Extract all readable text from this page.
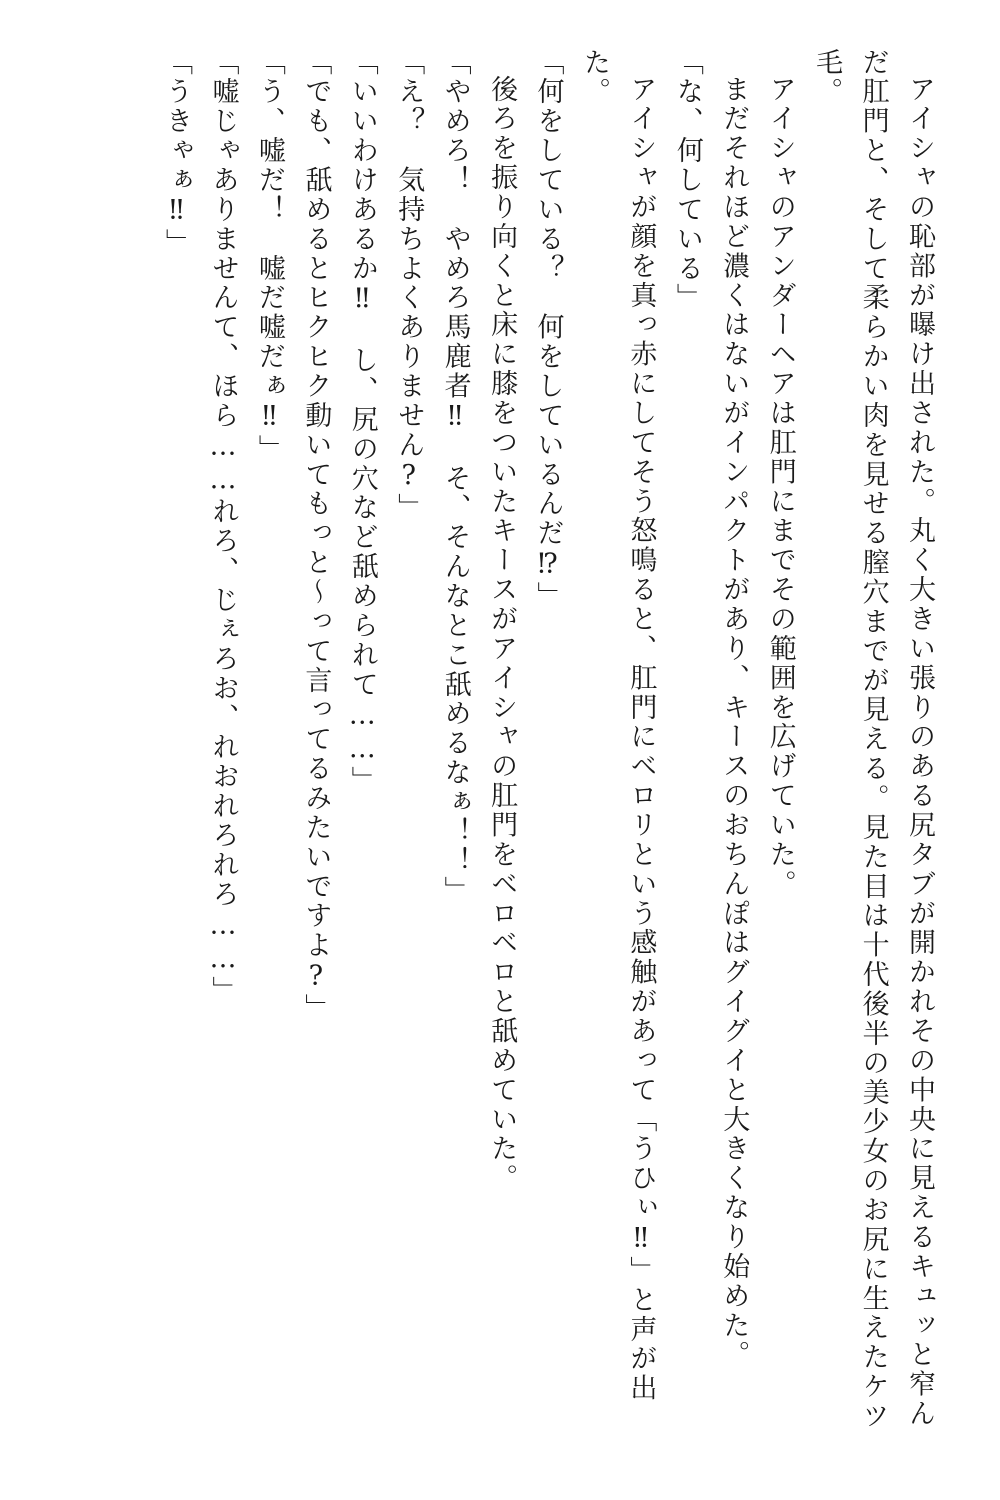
アイシャの恥部が曝け出された。丸く大きい張りのある尻タブが開かれその中央に見えるキュッと窄んだ肛門と、そして柔らかい肉を見せる膣穴までが見える。見た目は十代後半の美少女のお尻に生えたケツ毛。

アイシャのアンダーヘアは肛門にまでその範囲を広げていた。

まだそれほど濃くはないがインパクトがあり、キースのおちんぽはグイグイと大きくなり始めた。

「な、何している」

アイシャが顔を真っ赤にしてそう怒鳴ると、肛門にベロリという感触があって「うひぃ‼」と声が出た。

「何をしている？　何をしているんだ⁉」

後ろを振り向くと床に膝をついたキースがアイシャの肛門をベロベロと舐めていた。

「やめろ！　やめろ馬鹿者‼　そ、そんなとこ舐めるなぁ！！」

「え？　気持ちよくありません?」

「いいわけあるか‼　し、尻の穴など舐められて……」

「でも、舐めるとヒクヒク動いてもっと～って言ってるみたいですよ?」

「う、嘘だ！　嘘だ嘘だぁ‼」

「嘘じゃありませんて、ほら……れろ、じぇろお、れおれろれろ……」

「うきゃぁ‼」
